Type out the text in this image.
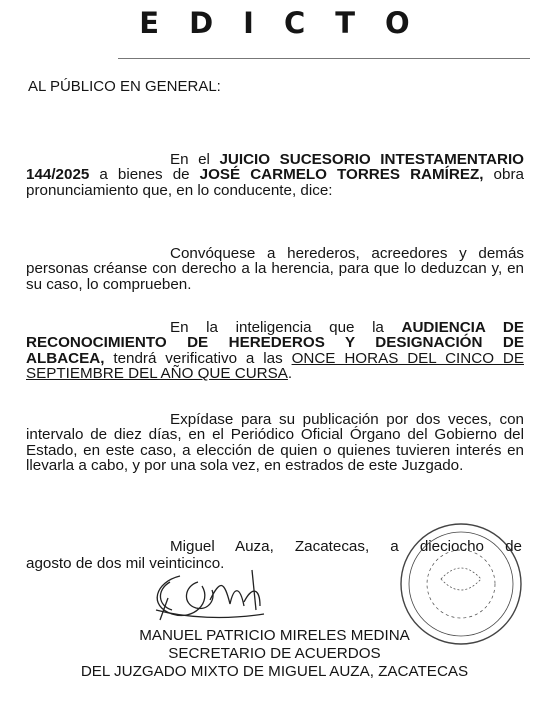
EDICTO
AL PÚBLICO EN GENERAL:
En el JUICIO SUCESORIO INTESTAMENTARIO 144/2025 a bienes de JOSÉ CARMELO TORRES RAMÍREZ, obra pronunciamiento que, en lo conducente, dice:
Convóquese a herederos, acreedores y demás personas créanse con derecho a la herencia, para que lo deduzcan y, en su caso, lo comprueben.
En la inteligencia que la AUDIENCIA DE RECONOCIMIENTO DE HEREDEROS Y DESIGNACIÓN DE ALBACEA, tendrá verificativo a las ONCE HORAS DEL CINCO DE SEPTIEMBRE DEL AÑO QUE CURSA.
Expídase para su publicación por dos veces, con intervalo de diez días, en el Periódico Oficial Órgano del Gobierno del Estado, en este caso, a elección de quien o quienes tuvieren interés en llevarla a cabo, y por una sola vez, en estrados de este Juzgado.
Miguel Auza, Zacatecas, a dieciocho de
agosto de dos mil veinticinco.
MANUEL PATRICIO MIRELES MEDINA
SECRETARIO DE ACUERDOS
DEL JUZGADO MIXTO DE MIGUEL AUZA, ZACATECAS
